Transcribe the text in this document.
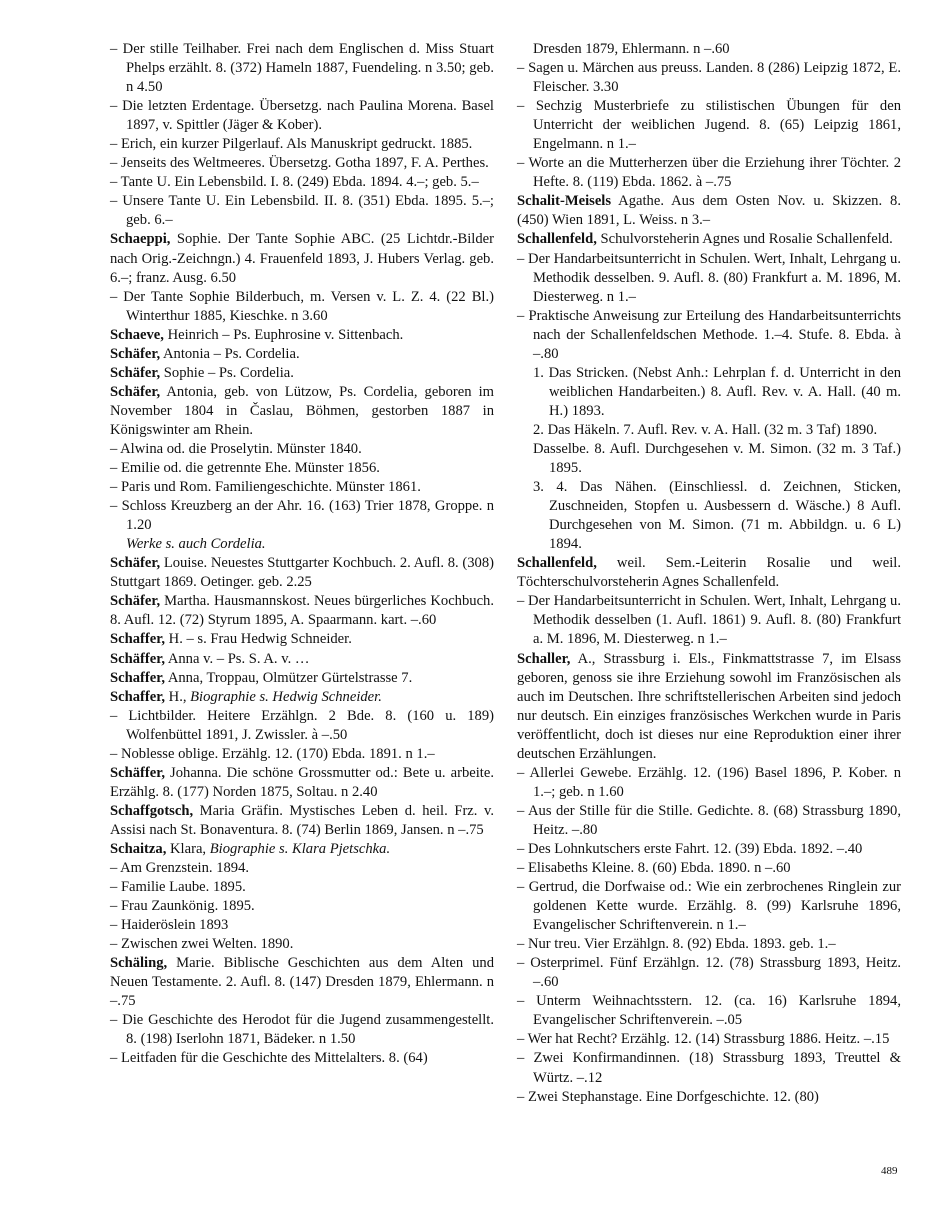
– Der stille Teilhaber. Frei nach dem Englischen d. Miss Stuart Phelps erzählt. 8. (372) Hameln 1887, Fuendeling. n 3.50; geb. n 4.50
– Die letzten Erdentage. Übersetzg. nach Paulina Morena. Basel 1897, v. Spittler (Jäger & Kober).
– Erich, ein kurzer Pilgerlauf. Als Manuskript gedruckt. 1885.
– Jenseits des Weltmeeres. Übersetzg. Gotha 1897, F. A. Perthes.
– Tante U. Ein Lebensbild. I. 8. (249) Ebda. 1894. 4.–; geb. 5.–
– Unsere Tante U. Ein Lebensbild. II. 8. (351) Ebda. 1895. 5.–; geb. 6.–
Schaeppi, Sophie. Der Tante Sophie ABC. (25 Lichtdr.-Bilder nach Orig.-Zeichngn.) 4. Frauenfeld 1893, J. Hubers Verlag. geb. 6.–; franz. Ausg. 6.50
– Der Tante Sophie Bilderbuch, m. Versen v. L. Z. 4. (22 Bl.) Winterthur 1885, Kieschke. n 3.60
Schaeve, Heinrich – Ps. Euphrosine v. Sittenbach.
Schäfer, Antonia – Ps. Cordelia.
Schäfer, Sophie – Ps. Cordelia.
Schäfer, Antonia, geb. von Lützow, Ps. Cordelia, geboren im November 1804 in Časlau, Böhmen, gestorben 1887 in Königswinter am Rhein.
– Alwina od. die Proselytin. Münster 1840.
– Emilie od. die getrennte Ehe. Münster 1856.
– Paris und Rom. Familiengeschichte. Münster 1861.
– Schloss Kreuzberg an der Ahr. 16. (163) Trier 1878, Groppe. n 1.20
Werke s. auch Cordelia.
Schäfer, Louise. Neuestes Stuttgarter Kochbuch. 2. Aufl. 8. (308) Stuttgart 1869. Oetinger. geb. 2.25
Schäfer, Martha. Hausmannskost. Neues bürgerliches Kochbuch. 8. Aufl. 12. (72) Styrum 1895, A. Spaarmann. kart. –.60
Schaffer, H. – s. Frau Hedwig Schneider.
Schäffer, Anna v. – Ps. S. A. v. …
Schaffer, Anna, Troppau, Olmützer Gürtelstrasse 7.
Schaffer, H., Biographie s. Hedwig Schneider.
– Lichtbilder. Heitere Erzählgn. 2 Bde. 8. (160 u. 189) Wolfenbüttel 1891, J. Zwissler. à –.50
– Noblesse oblige. Erzählg. 12. (170) Ebda. 1891. n 1.–
Schäffer, Johanna. Die schöne Grossmutter od.: Bete u. arbeite. Erzählg. 8. (177) Norden 1875, Soltau. n 2.40
Schaffgotsch, Maria Gräfin. Mystisches Leben d. heil. Frz. v. Assisi nach St. Bonaventura. 8. (74) Berlin 1869, Jansen. n –.75
Schaitza, Klara, Biographie s. Klara Pjetschka.
– Am Grenzstein. 1894.
– Familie Laube. 1895.
– Frau Zaunkönig. 1895.
– Haideröslein 1893
– Zwischen zwei Welten. 1890.
Schäling, Marie. Biblische Geschichten aus dem Alten und Neuen Testamente. 2. Aufl. 8. (147) Dresden 1879, Ehlermann. n –.75
– Die Geschichte des Herodot für die Jugend zusammengestellt. 8. (198) Iserlohn 1871, Bädeker. n 1.50
– Leitfaden für die Geschichte des Mittelalters. 8. (64)
Dresden 1879, Ehlermann. n –.60
– Sagen u. Märchen aus preuss. Landen. 8 (286) Leipzig 1872, E. Fleischer. 3.30
– Sechzig Musterbriefe zu stilistischen Übungen für den Unterricht der weiblichen Jugend. 8. (65) Leipzig 1861, Engelmann. n 1.–
– Worte an die Mutterherzen über die Erziehung ihrer Töchter. 2 Hefte. 8. (119) Ebda. 1862. à –.75
Schalit-Meisels Agathe. Aus dem Osten Nov. u. Skizzen. 8. (450) Wien 1891, L. Weiss. n 3.–
Schallenfeld, Schulvorsteherin Agnes und Rosalie Schallenfeld.
– Der Handarbeitsunterricht in Schulen. Wert, Inhalt, Lehrgang u. Methodik desselben. 9. Aufl. 8. (80) Frankfurt a. M. 1896, M. Diesterweg. n 1.–
– Praktische Anweisung zur Erteilung des Handarbeitsunterrichts nach der Schallenfeldschen Methode. 1.–4. Stufe. 8. Ebda. à –.80
1. Das Stricken. (Nebst Anh.: Lehrplan f. d. Unterricht in den weiblichen Handarbeiten.) 8. Aufl. Rev. v. A. Hall. (40 m. H.) 1893.
2. Das Häkeln. 7. Aufl. Rev. v. A. Hall. (32 m. 3 Taf) 1890.
Dasselbe. 8. Aufl. Durchgesehen v. M. Simon. (32 m. 3 Taf.) 1895.
3. 4. Das Nähen. (Einschliessl. d. Zeichnen, Sticken, Zuschneiden, Stopfen u. Ausbessern d. Wäsche.) 8 Aufl. Durchgesehen von M. Simon. (71 m. Abbildgn. u. 6 L) 1894.
Schallenfeld, weil. Sem.-Leiterin Rosalie und weil. Töchterschulvorsteherin Agnes Schallenfeld.
– Der Handarbeitsunterricht in Schulen. Wert, Inhalt, Lehrgang u. Methodik desselben (1. Aufl. 1861) 9. Aufl. 8. (80) Frankfurt a. M. 1896, M. Diesterweg. n 1.–
Schaller, A., Strassburg i. Els., Finkmattstrasse 7, im Elsass geboren, genoss sie ihre Erziehung sowohl im Französischen als auch im Deutschen. Ihre schriftstellerischen Arbeiten sind jedoch nur deutsch. Ein einziges französisches Werkchen wurde in Paris veröffentlicht, doch ist dieses nur eine Reproduktion einer ihrer deutschen Erzählungen.
– Allerlei Gewebe. Erzählg. 12. (196) Basel 1896, P. Kober. n 1.–; geb. n 1.60
– Aus der Stille für die Stille. Gedichte. 8. (68) Strassburg 1890, Heitz. –.80
– Des Lohnkutschers erste Fahrt. 12. (39) Ebda. 1892. –.40
– Elisabeths Kleine. 8. (60) Ebda. 1890. n –.60
– Gertrud, die Dorfwaise od.: Wie ein zerbrochenes Ringlein zur goldenen Kette wurde. Erzählg. 8. (99) Karlsruhe 1896, Evangelischer Schriftenverein. n 1.–
– Nur treu. Vier Erzählgn. 8. (92) Ebda. 1893. geb. 1.–
– Osterprimel. Fünf Erzählgn. 12. (78) Strassburg 1893, Heitz. –.60
– Unterm Weihnachtsstern. 12. (ca. 16) Karlsruhe 1894, Evangelischer Schriftenverein. –.05
– Wer hat Recht? Erzählg. 12. (14) Strassburg 1886. Heitz. –.15
– Zwei Konfirmandinnen. (18) Strassburg 1893, Treuttel & Würtz. –.12
– Zwei Stephanstage. Eine Dorfgeschichte. 12. (80)
489
